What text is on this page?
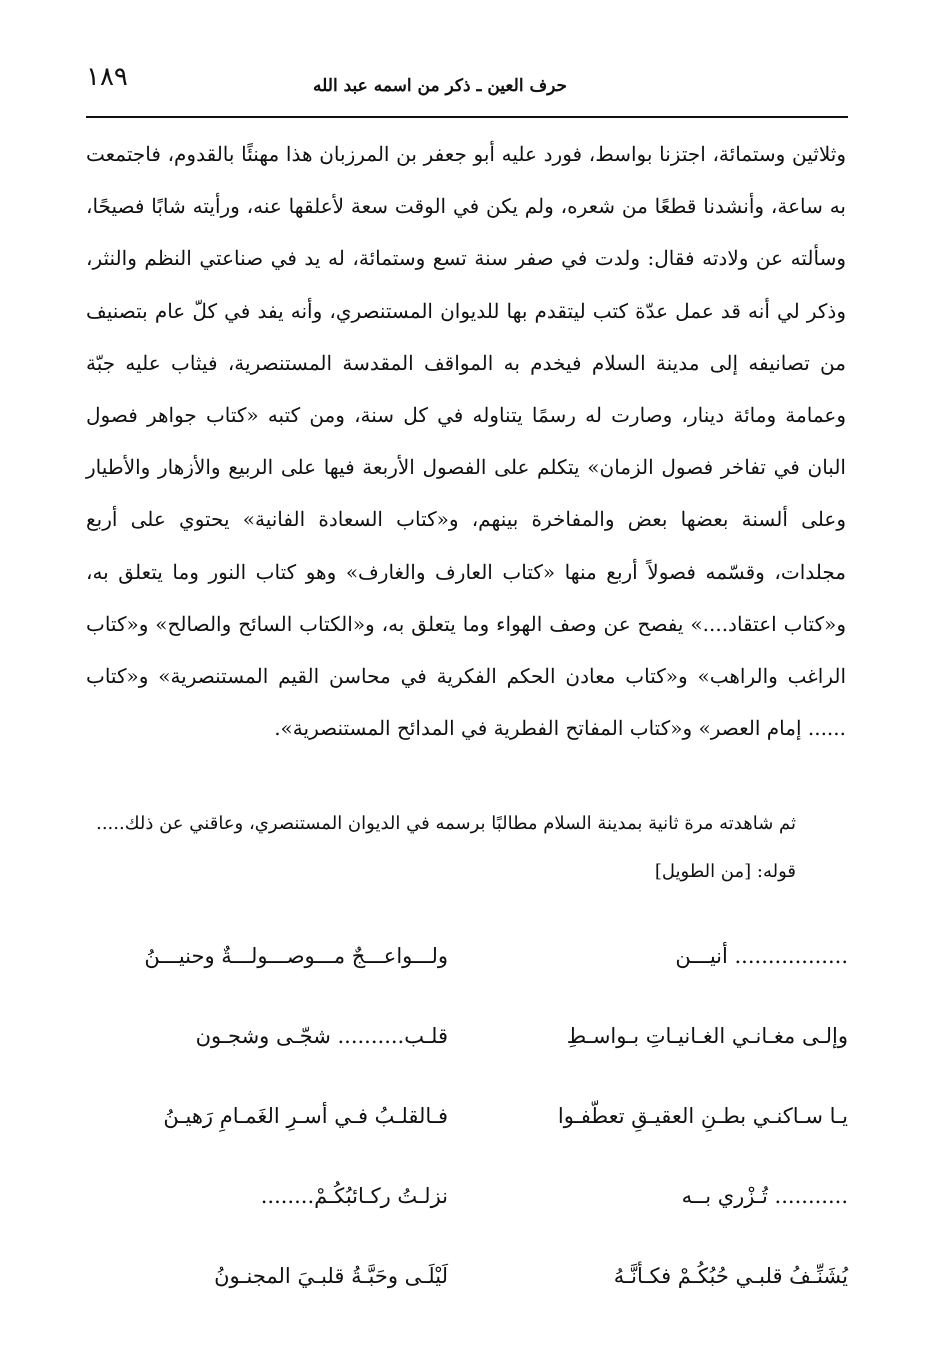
١٨٩	حرف العين ـ ذكر من اسمه عبد الله

وثلاثين وستمائة، اجتزنا بواسط، فورد عليه أبو جعفر بن المرزبان هذا مهنئًا بالقدوم، فاجتمعت به ساعة، وأنشدنا قطعًا من شعره، ولم يكن في الوقت سعة لأعلقها عنه، ورأيته شابًا فصيحًا، وسألته عن ولادته فقال: ولدت في صفر سنة تسع وستمائة، له يد في صناعتي النظم والنثر، وذكر لي أنه قد عمل عدّة كتب ليتقدم بها للديوان المستنصري، وأنه يفد في كلّ عام بتصنيف من تصانيفه إلى مدينة السلام فيخدم به المواقف المقدسة المستنصرية، فيثاب عليه جبّة وعمامة ومائة دينار، وصارت له رسمًا يتناوله في كل سنة، ومن كتبه «كتاب جواهر فصول البان في تفاخر فصول الزمان» يتكلم على الفصول الأربعة فيها على الربيع والأزهار والأطيار وعلى ألسنة بعضها بعض والمفاخرة بينهم، و«كتاب السعادة الفانية» يحتوي على أربع مجلدات، وقسّمه فصولاً أربع منها «كتاب العارف والغارف» وهو كتاب النور وما يتعلق به، و«كتاب اعتقاد....» يفصح عن وصف الهواء وما يتعلق به، و«الكتاب السائح والصالح» و«كتاب الراغب والراهب» و«كتاب معادن الحكم الفكرية في محاسن القيم المستنصرية» و«كتاب ...... إمام العصر» و«كتاب المفاتح الفطرية في المدائح المستنصرية».

ثم شاهدته مرة ثانية بمدينة السلام مطالبًا برسمه في الديوان المستنصري، وعاقني عن ذلك..... قوله: [من الطويل]
................. أنيـــن
ولـــواعـــجٌ مـــوصـــولـــةٌ وحنيـــنُ
وإلـى مغـانـي الغـانيـاتِ بـواسـطِ
قلـب.......... شجّـى وشجـون
يـا سـاكنـي بطـنِ العقيـقِ تعطّفـوا
فـالقلـبُ فـي أسـرِ الغَمـامِ رَهيـنُ
........... تُـزْري بــه
نزلـتُ ركـائبُكُـمْ........
يُشَنِّـفُ قلبـي حُبُكُـمْ فكـأنَّـهُ
لَيْلَـى وحَبَّـةُ قلبـيَ المجنـونُ
